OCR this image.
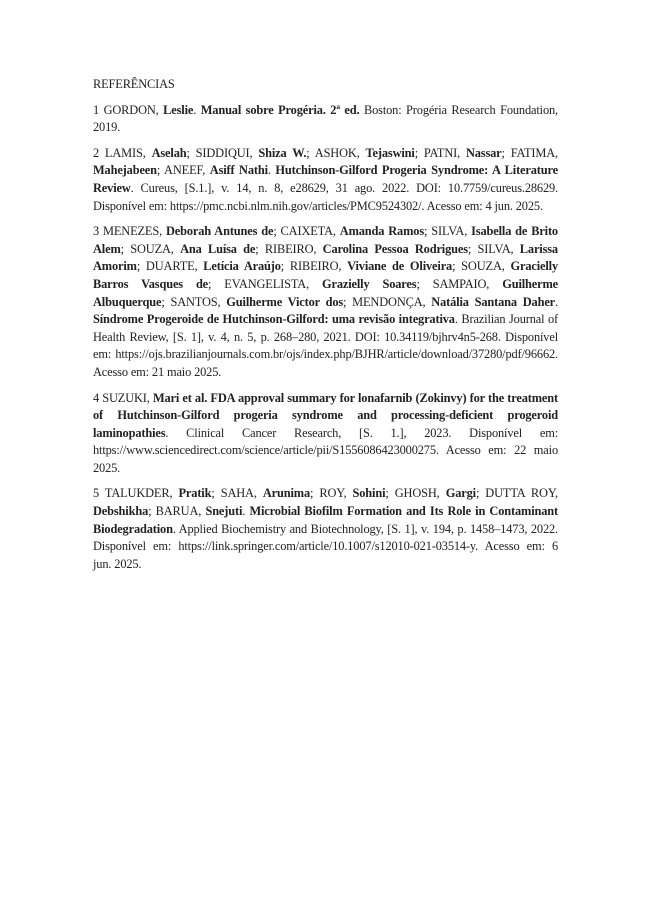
REFERÊNCIAS

1 GORDON, Leslie. Manual sobre Progéria. 2ª ed. Boston: Progéria Research Foundation, 2019.

2 LAMIS, Aselah; SIDDIQUI, Shiza W.; ASHOK, Tejaswini; PATNI, Nassar; FATIMA, Mahejabeen; ANEEF, Asiff Nathi. Hutchinson-Gilford Progeria Syndrome: A Literature Review. Cureus, [S.1.], v. 14, n. 8, e28629, 31 ago. 2022. DOI: 10.7759/cureus.28629. Disponível em: https://pmc.ncbi.nlm.nih.gov/articles/PMC9524302/. Acesso em: 4 jun. 2025.

3 MENEZES, Deborah Antunes de; CAIXETA, Amanda Ramos; SILVA, Isabella de Brito Alem; SOUZA, Ana Luísa de; RIBEIRO, Carolina Pessoa Rodrigues; SILVA, Larissa Amorim; DUARTE, Letícia Araújo; RIBEIRO, Viviane de Oliveira; SOUZA, Gracielly Barros Vasques de; EVANGELISTA, Grazielly Soares; SAMPAIO, Guilherme Albuquerque; SANTOS, Guilherme Victor dos; MENDONÇA, Natália Santana Daher. Síndrome Progeroide de Hutchinson-Gilford: uma revisão integrativa. Brazilian Journal of Health Review, [S. 1], v. 4, n. 5, p. 268–280, 2021. DOI: 10.34119/bjhrv4n5-268. Disponível em: https://ojs.brazilianjournals.com.br/ojs/index.php/BJHR/article/download/37280/pdf/96662. Acesso em: 21 maio 2025.

4 SUZUKI, Mari et al. FDA approval summary for lonafarnib (Zokinvy) for the treatment of Hutchinson-Gilford progeria syndrome and processing-deficient progeroid laminopathies. Clinical Cancer Research, [S. 1.], 2023. Disponível em: https://www.sciencedirect.com/science/article/pii/S1556086423000275. Acesso em: 22 maio 2025.

5 TALUKDER, Pratik; SAHA, Arunima; ROY, Sohini; GHOSH, Gargi; DUTTA ROY, Debshikha; BARUA, Snejuti. Microbial Biofilm Formation and Its Role in Contaminant Biodegradation. Applied Biochemistry and Biotechnology, [S. 1], v. 194, p. 1458–1473, 2022. Disponível em: https://link.springer.com/article/10.1007/s12010-021-03514-y. Acesso em: 6 jun. 2025.
